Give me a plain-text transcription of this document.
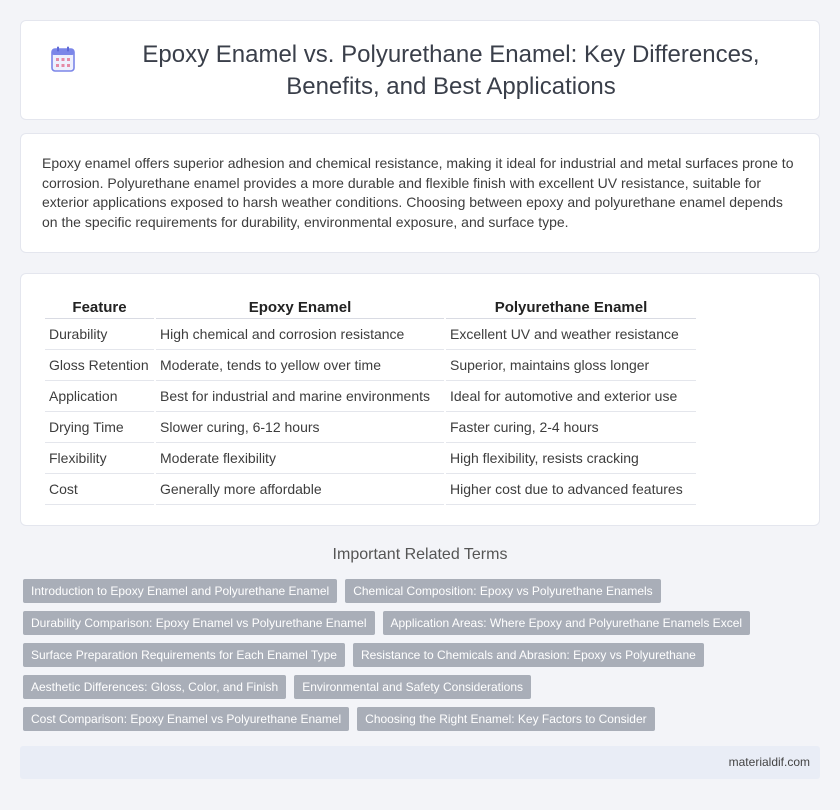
Epoxy Enamel vs. Polyurethane Enamel: Key Differences, Benefits, and Best Applications

Epoxy enamel offers superior adhesion and chemical resistance, making it ideal for industrial and metal surfaces prone to corrosion. Polyurethane enamel provides a more durable and flexible finish with excellent UV resistance, suitable for exterior applications exposed to harsh weather conditions. Choosing between epoxy and polyurethane enamel depends on the specific requirements for durability, environmental exposure, and surface type.

Feature	Epoxy Enamel	Polyurethane Enamel
Durability	High chemical and corrosion resistance	Excellent UV and weather resistance
Gloss Retention	Moderate, tends to yellow over time	Superior, maintains gloss longer
Application	Best for industrial and marine environments	Ideal for automotive and exterior use
Drying Time	Slower curing, 6-12 hours	Faster curing, 2-4 hours
Flexibility	Moderate flexibility	High flexibility, resists cracking
Cost	Generally more affordable	Higher cost due to advanced features
Important Related Terms
Introduction to Epoxy Enamel and Polyurethane Enamel	Chemical Composition: Epoxy vs Polyurethane Enamels
Durability Comparison: Epoxy Enamel vs Polyurethane Enamel	Application Areas: Where Epoxy and Polyurethane Enamels Excel
Surface Preparation Requirements for Each Enamel Type	Resistance to Chemicals and Abrasion: Epoxy vs Polyurethane
Aesthetic Differences: Gloss, Color, and Finish	Environmental and Safety Considerations
Cost Comparison: Epoxy Enamel vs Polyurethane Enamel	Choosing the Right Enamel: Key Factors to Consider
materialdif.com
